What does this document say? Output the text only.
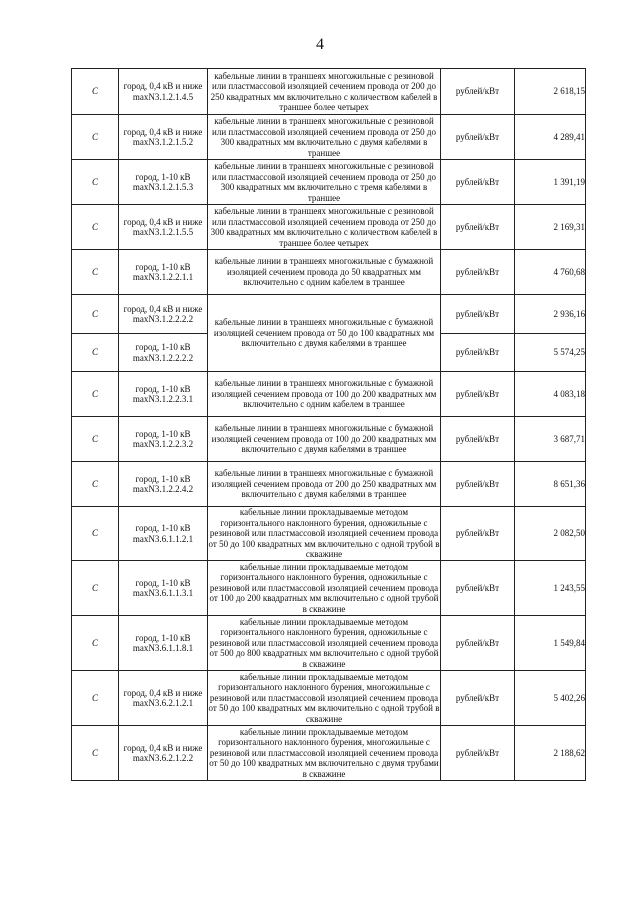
4
C	город, 0,4 кВ и ниже maxN3.1.2.1.4.5	кабельные линии в траншеях многожильные с резиновой или пластмассовой изоляцией сечением провода от 200 до 250 квадратных мм включительно с количеством кабелей в траншее более четырех	рублей/кВт	2 618,15
C	город, 0,4 кВ и ниже maxN3.1.2.1.5.2	кабельные линии в траншеях многожильные с резиновой или пластмассовой изоляцией сечением провода от 250 до 300 квадратных мм включительно с двумя кабелями в траншее	рублей/кВт	4 289,41
C	город, 1-10 кВ maxN3.1.2.1.5.3	кабельные линии в траншеях многожильные с резиновой или пластмассовой изоляцией сечением провода от 250 до 300 квадратных мм включительно с тремя кабелями в траншее	рублей/кВт	1 391,19
C	город, 0,4 кВ и ниже maxN3.1.2.1.5.5	кабельные линии в траншеях многожильные с резиновой или пластмассовой изоляцией сечением провода от 250 до 300 квадратных мм включительно с количеством кабелей в траншее более четырех	рублей/кВт	2 169,31
C	город, 1-10 кВ maxN3.1.2.2.1.1	кабельные линии в траншеях многожильные с бумажной изоляцией сечением провода до 50 квадратных мм включительно с одним кабелем в траншее	рублей/кВт	4 760,68
C	город, 0,4 кВ и ниже maxN3.1.2.2.2.2	кабельные линии в траншеях многожильные с бумажной изоляцией сечением провода от 50 до 100 квадратных мм включительно с двумя кабелями в траншее	рублей/кВт	2 936,16
C	город, 1-10 кВ maxN3.1.2.2.2.2		рублей/кВт	5 574,25
C	город, 1-10 кВ maxN3.1.2.2.3.1	кабельные линии в траншеях многожильные с бумажной изоляцией сечением провода от 100 до 200 квадратных мм включительно с одним кабелем в траншее	рублей/кВт	4 083,18
C	город, 1-10 кВ maxN3.1.2.2.3.2	кабельные линии в траншеях многожильные с бумажной изоляцией сечением провода от 100 до 200 квадратных мм включительно с двумя кабелями в траншее	рублей/кВт	3 687,71
C	город, 1-10 кВ maxN3.1.2.2.4.2	кабельные линии в траншеях многожильные с бумажной изоляцией сечением провода от 200 до 250 квадратных мм включительно с двумя кабелями в траншее	рублей/кВт	8 651,36
C	город, 1-10 кВ maxN3.6.1.1.2.1	кабельные линии прокладываемые методом горизонтального наклонного бурения, одножильные с резиновой или пластмассовой изоляцией сечением провода от 50 до 100 квадратных мм включительно с одной трубой в скважине	рублей/кВт	2 082,50
C	город, 1-10 кВ maxN3.6.1.1.3.1	кабельные линии прокладываемые методом горизонтального наклонного бурения, одножильные с резиновой или пластмассовой изоляцией сечением провода от 100 до 200 квадратных мм включительно с одной трубой в скважине	рублей/кВт	1 243,55
C	город, 1-10 кВ maxN3.6.1.1.8.1	кабельные линии прокладываемые методом горизонтального наклонного бурения, одножильные с резиновой или пластмассовой изоляцией сечением провода от 500 до 800 квадратных мм включительно с одной трубой в скважине	рублей/кВт	1 549,84
C	город, 0,4 кВ и ниже maxN3.6.2.1.2.1	кабельные линии прокладываемые методом горизонтального наклонного бурения, многожильные с резиновой или пластмассовой изоляцией сечением провода от 50 до 100 квадратных мм включительно с одной трубой в скважине	рублей/кВт	5 402,26
C	город, 0,4 кВ и ниже maxN3.6.2.1.2.2	кабельные линии прокладываемые методом горизонтального наклонного бурения, многожильные с резиновой или пластмассовой изоляцией сечением провода от 50 до 100 квадратных мм включительно с двумя трубами в скважине	рублей/кВт	2 188,62
